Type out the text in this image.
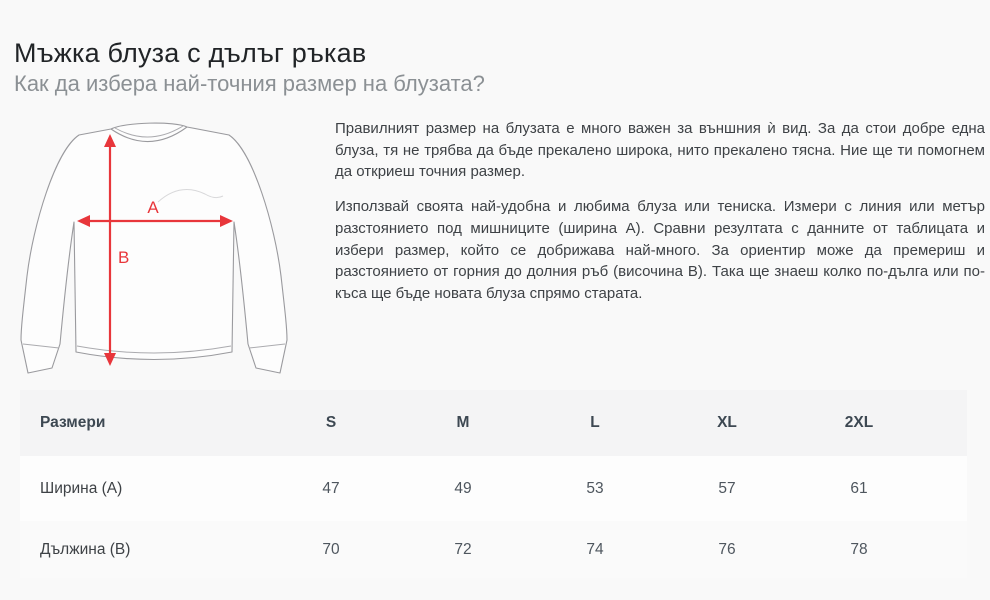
Мъжка блуза с дълъг ръкав
Как да избера най-точния размер на блузата?
A
B

Правилният размер на блузата е много важен за външния ѝ вид. За да стои добре една блуза, тя не трябва да бъде прекалено широка, нито прекалено тясна. Ние ще ти помогнем да откриеш точния размер.

Използвай своята най-удобна и любима блуза или тениска. Измери с линия или метър разстоянието под мишниците (ширина A). Сравни резултата с данните от таблицата и избери размер, който се добрижава най-много. За ориентир може да премериш и разстоянието от горния до долния ръб (височина B). Така ще знаеш колко по-дълга или по-къса ще бъде новата блуза спрямо старата.

Размери	S	M	L	XL	2XL
Ширина (A)	47	49	53	57	61
Дължина (B)	70	72	74	76	78
